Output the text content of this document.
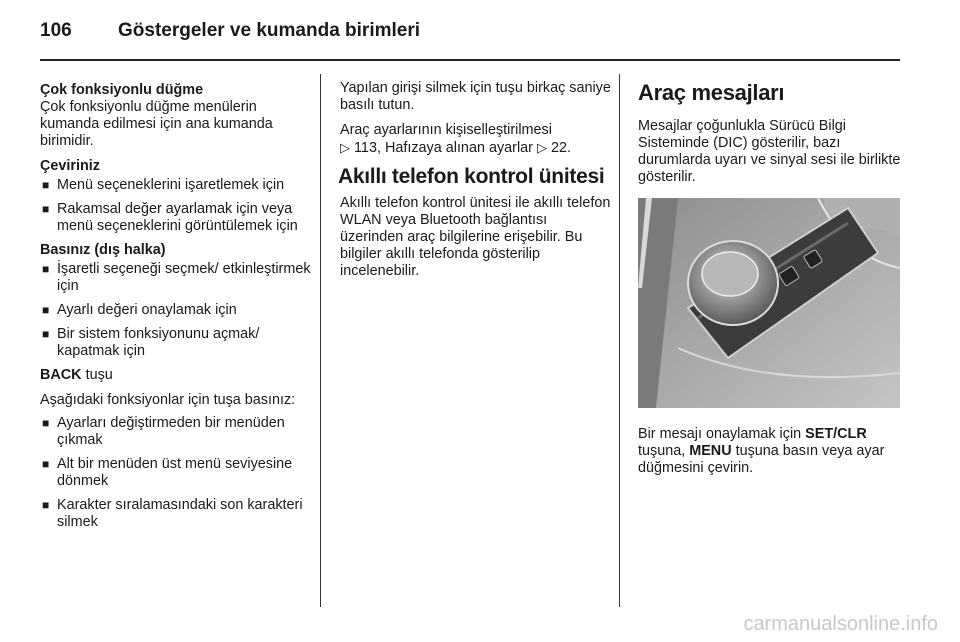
106 Göstergeler ve kumanda birimleri
Çok fonksiyonlu düğme

Çok fonksiyonlu düğme menülerin kumanda edilmesi için ana kumanda birimidir.

Çeviriniz
■ Menü seçeneklerini işaretlemek için
■ Rakamsal değer ayarlamak için veya menü seçeneklerini görüntülemek için
Basınız (dış halka)
■ İşaretli seçeneği seçmek/ etkinleştirmek için
■ Ayarlı değeri onaylamak için
■ Bir sistem fonksiyonunu açmak/ kapatmak için

BACK tuşu

Aşağıdaki fonksiyonlar için tuşa basınız:

■ Ayarları değiştirmeden bir menüden çıkmak
■ Alt bir menüden üst menü seviyesine dönmek
■ Karakter sıralamasındaki son karakteri silmek

Yapılan girişi silmek için tuşu birkaç saniye basılı tutun.

Araç ayarlarının kişiselleştirilmesi
▷ 113, Hafızaya alınan ayarlar ▷ 22.

Akıllı telefon kontrol ünitesi

Akıllı telefon kontrol ünitesi ile akıllı telefon WLAN veya Bluetooth bağlantısı üzerinden araç bilgilerine erişebilir. Bu bilgiler akıllı telefonda gösterilip incelenebilir.

Araç mesajları

Mesajlar çoğunlukla Sürücü Bilgi Sisteminde (DIC) gösterilir, bazı durumlarda uyarı ve sinyal sesi ile birlikte gösterilir.

Bir mesajı onaylamak için SET/CLR tuşuna, MENU tuşuna basın veya ayar düğmesini çevirin.

carmanualsonline.info
